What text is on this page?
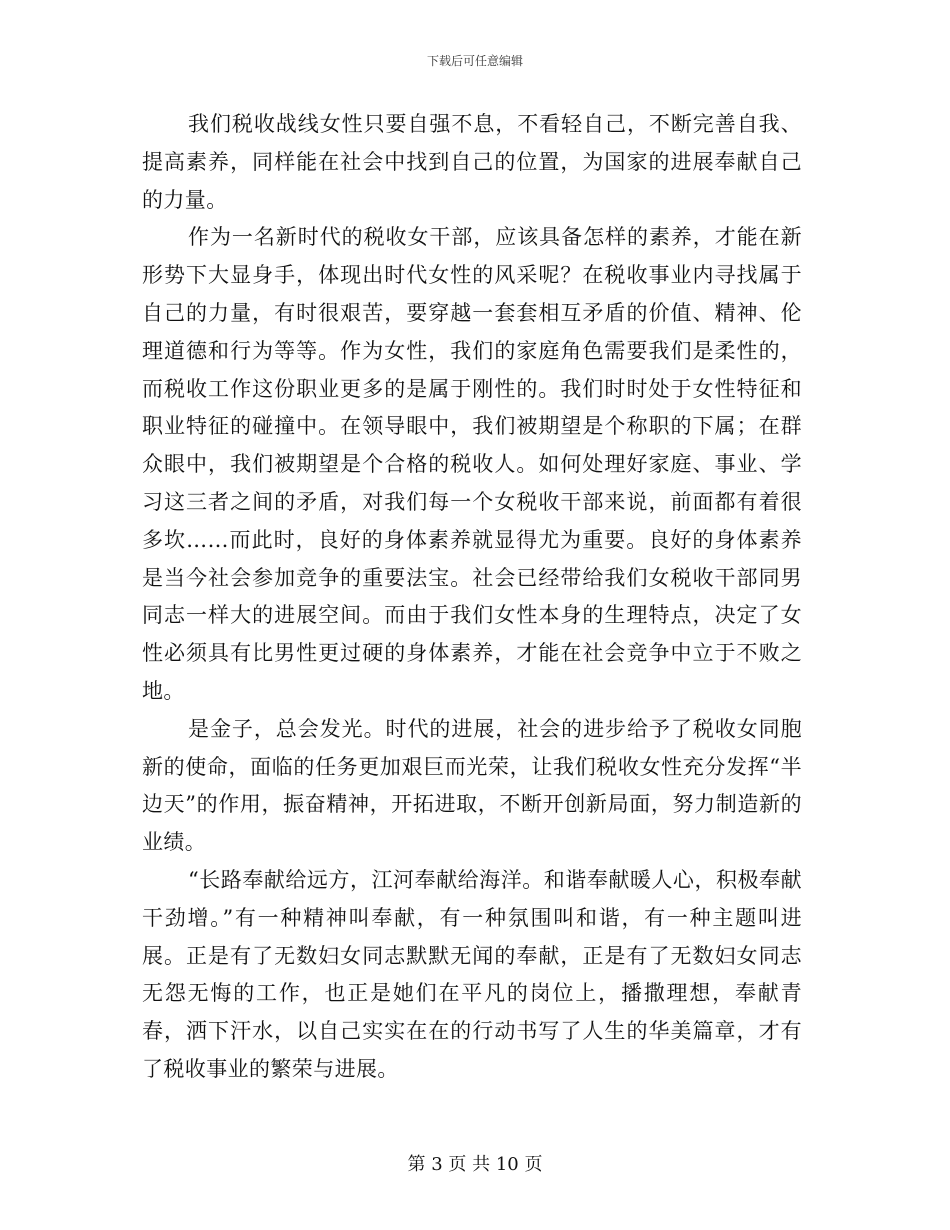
下载后可任意编辑

我们税收战线女性只要自强不息，不看轻自己，不断完善自我、提高素养，同样能在社会中找到自己的位置，为国家的进展奉献自己的力量。

作为一名新时代的税收女干部，应该具备怎样的素养，才能在新形势下大显身手，体现出时代女性的风采呢？在税收事业内寻找属于自己的力量，有时很艰苦，要穿越一套套相互矛盾的价值、精神、伦理道德和行为等等。作为女性，我们的家庭角色需要我们是柔性的，而税收工作这份职业更多的是属于刚性的。我们时时处于女性特征和职业特征的碰撞中。在领导眼中，我们被期望是个称职的下属；在群众眼中，我们被期望是个合格的税收人。如何处理好家庭、事业、学习这三者之间的矛盾，对我们每一个女税收干部来说，前面都有着很多坎……而此时，良好的身体素养就显得尤为重要。良好的身体素养是当今社会参加竞争的重要法宝。社会已经带给我们女税收干部同男同志一样大的进展空间。而由于我们女性本身的生理特点，决定了女性必须具有比男性更过硬的身体素养，才能在社会竞争中立于不败之地。

是金子，总会发光。时代的进展，社会的进步给予了税收女同胞新的使命，面临的任务更加艰巨而光荣，让我们税收女性充分发挥“半边天”的作用，振奋精神，开拓进取，不断开创新局面，努力制造新的业绩。

“长路奉献给远方，江河奉献给海洋。和谐奉献暖人心，积极奉献干劲增。”有一种精神叫奉献，有一种氛围叫和谐，有一种主题叫进展。正是有了无数妇女同志默默无闻的奉献，正是有了无数妇女同志无怨无悔的工作，也正是她们在平凡的岗位上，播撒理想，奉献青春，洒下汗水，以自己实实在在的行动书写了人生的华美篇章，才有了税收事业的繁荣与进展。

第 3 页 共 10 页
